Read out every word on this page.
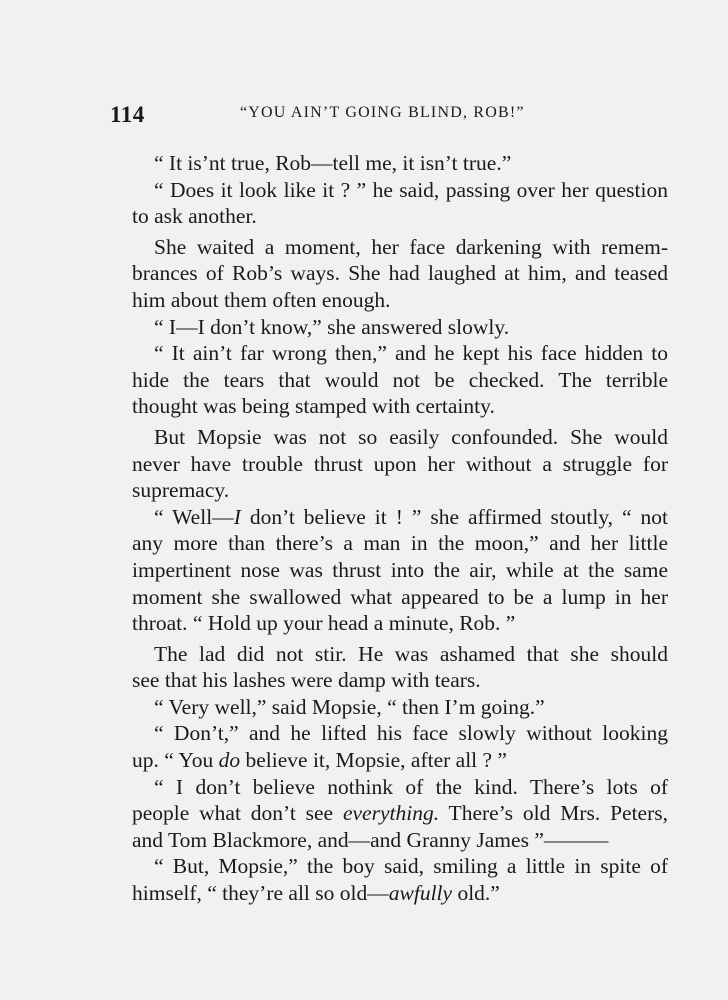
114	“YOU AIN’T GOING BLIND, ROB!”
“ It is’nt true, Rob—tell me, it isn’t true.”
“ Does it look like it ? ” he said, passing over her question
to ask another.
She waited a moment, her face darkening with remem-
brances of Rob’s ways. She had laughed at him, and teased
him about them often enough.
“ I—I don’t know,” she answered slowly.
“ It ain’t far wrong then,” and he kept his face hidden to
hide the tears that would not be checked. The terrible
thought was being stamped with certainty.
But Mopsie was not so easily confounded. She would
never have trouble thrust upon her without a struggle for
supremacy.
“ Well—I don’t believe it ! ” she affirmed stoutly, “ not
any more than there’s a man in the moon,” and her little
impertinent nose was thrust into the air, while at the same
moment she swallowed what appeared to be a lump in her
throat. “ Hold up your head a minute, Rob. ”
The lad did not stir. He was ashamed that she should
see that his lashes were damp with tears.
“ Very well,” said Mopsie, “ then I’m going.”
“ Don’t,” and he lifted his face slowly without looking
up. “ You do believe it, Mopsie, after all ? ”
“ I don’t believe nothink of the kind. There’s lots of
people what don’t see everything. There’s old Mrs. Peters,
and Tom Blackmore, and—and Granny James ”———
“ But, Mopsie,” the boy said, smiling a little in spite of
himself, “ they’re all so old—awfully old.”
